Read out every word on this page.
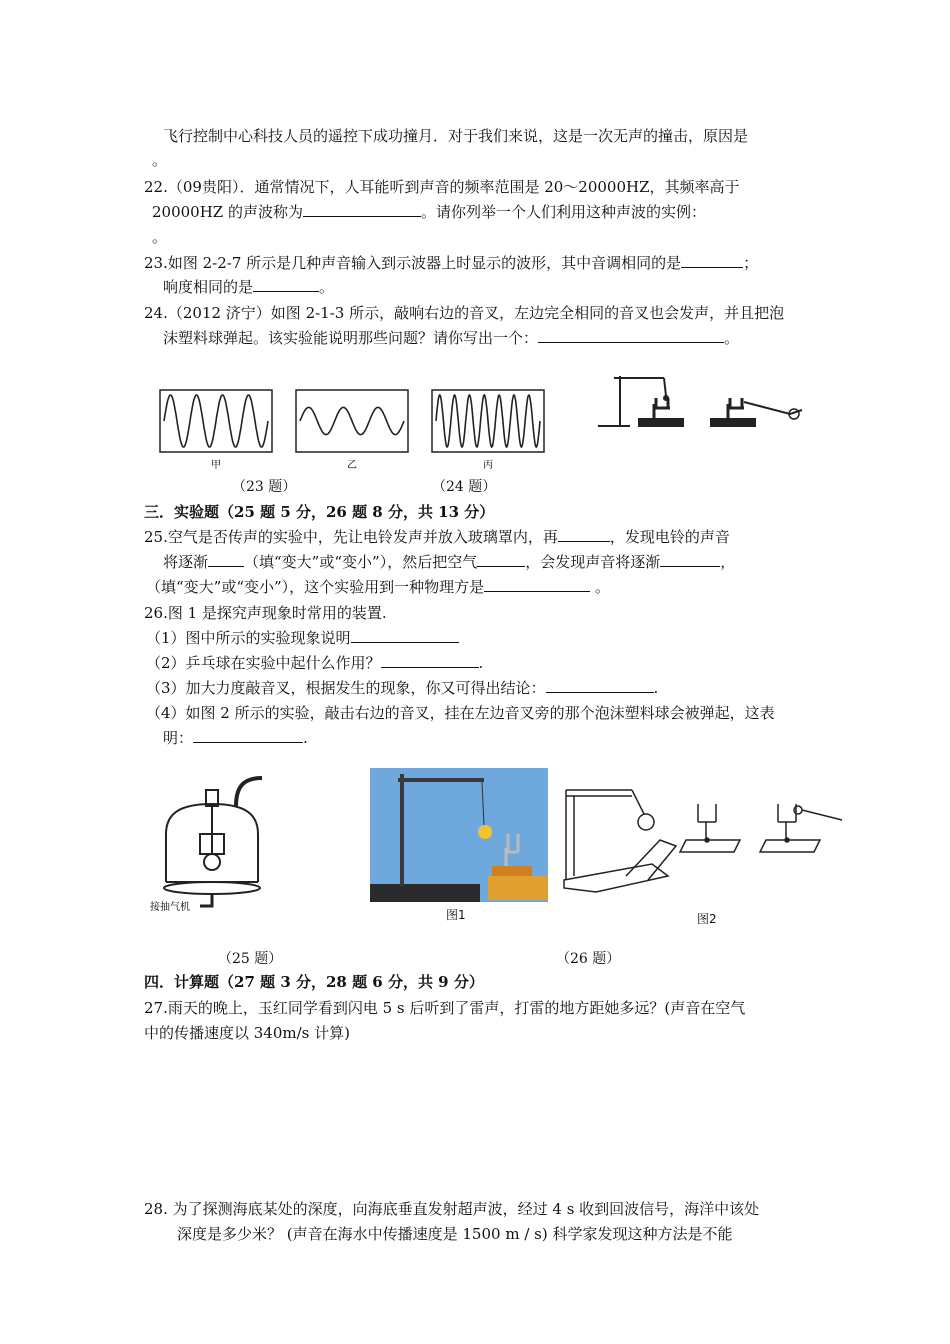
飞行控制中心科技人员的遥控下成功撞月．对于我们来说，这是一次无声的撞击，原因是
。
22.（09贵阳）．通常情况下，人耳能听到声音的频率范围是 20～20000HZ，其频率高于
20000HZ 的声波称为	。请你列举一个人们利用这种声波的实例：
。
23.如图 2-2-7 所示是几种声音输入到示波器上时显示的波形，其中音调相同的是	；
响度相同的是	。
24.（2012 济宁）如图 2-1-3 所示，敲响右边的音叉，左边完全相同的音叉也会发声，并且把泡
沫塑料球弹起。该实验能说明那些问题？请你写出一个：	。
甲	乙	丙
（23 题）	（24 题）
三．实验题（25 题 5 分，26 题 8 分，共 13 分）
25.空气是否传声的实验中，先让电铃发声并放入玻璃罩内，再	，发现电铃的声音
将逐渐 （填“变大”或“变小”），然后把空气	，会发现声音将逐渐	，
（填“变大”或“变小”），这个实验用到一种物理方是	。
26.图 1 是探究声现象时常用的装置.
（1）图中所示的实验现象说明
（2）乒乓球在实验中起什么作用？	.
（3）加大力度敲音叉，根据发生的现象，你又可得出结论：	.
（4）如图 2 所示的实验，敲击右边的音叉，挂在左边音叉旁的那个泡沫塑料球会被弹起，这表
明：	.
接抽气机
图1	图2
（25 题）	（26 题）
四．计算题（27 题 3 分，28 题 6 分，共 9 分）
27.雨天的晚上，玉红同学看到闪电 5 s 后听到了雷声，打雷的地方距她多远？(声音在空气
中的传播速度以 340m/s 计算)
28. 为了探测海底某处的深度，向海底垂直发射超声波，经过 4 s 收到回波信号，海洋中该处
深度是多少米？ (声音在海水中传播速度是 1500 m / s) 科学家发现这种方法是不能
